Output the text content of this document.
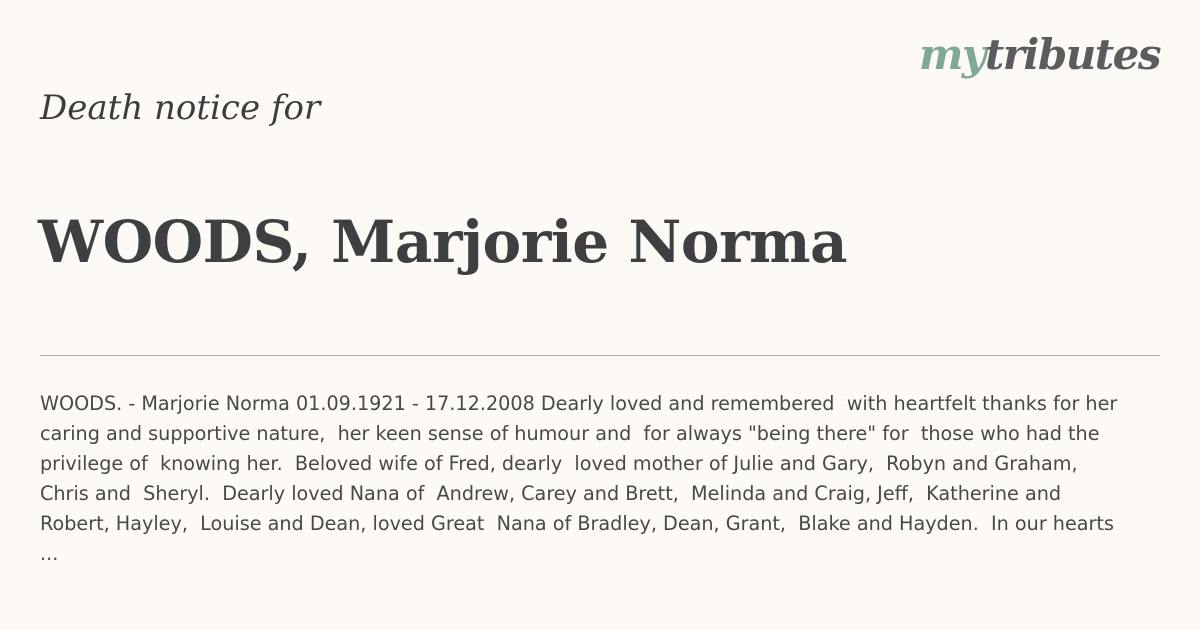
mytributes
Death notice for
WOODS, Marjorie Norma
WOODS. - Marjorie Norma 01.09.1921 - 17.12.2008 Dearly loved and remembered  with heartfelt thanks for her
caring and supportive nature,  her keen sense of humour and  for always "being there" for  those who had the
privilege of  knowing her.  Beloved wife of Fred, dearly  loved mother of Julie and Gary,  Robyn and Graham,
Chris and  Sheryl.  Dearly loved Nana of  Andrew, Carey and Brett,  Melinda and Craig, Jeff,  Katherine and
Robert, Hayley,  Louise and Dean, loved Great  Nana of Bradley, Dean, Grant,  Blake and Hayden.  In our hearts
...
